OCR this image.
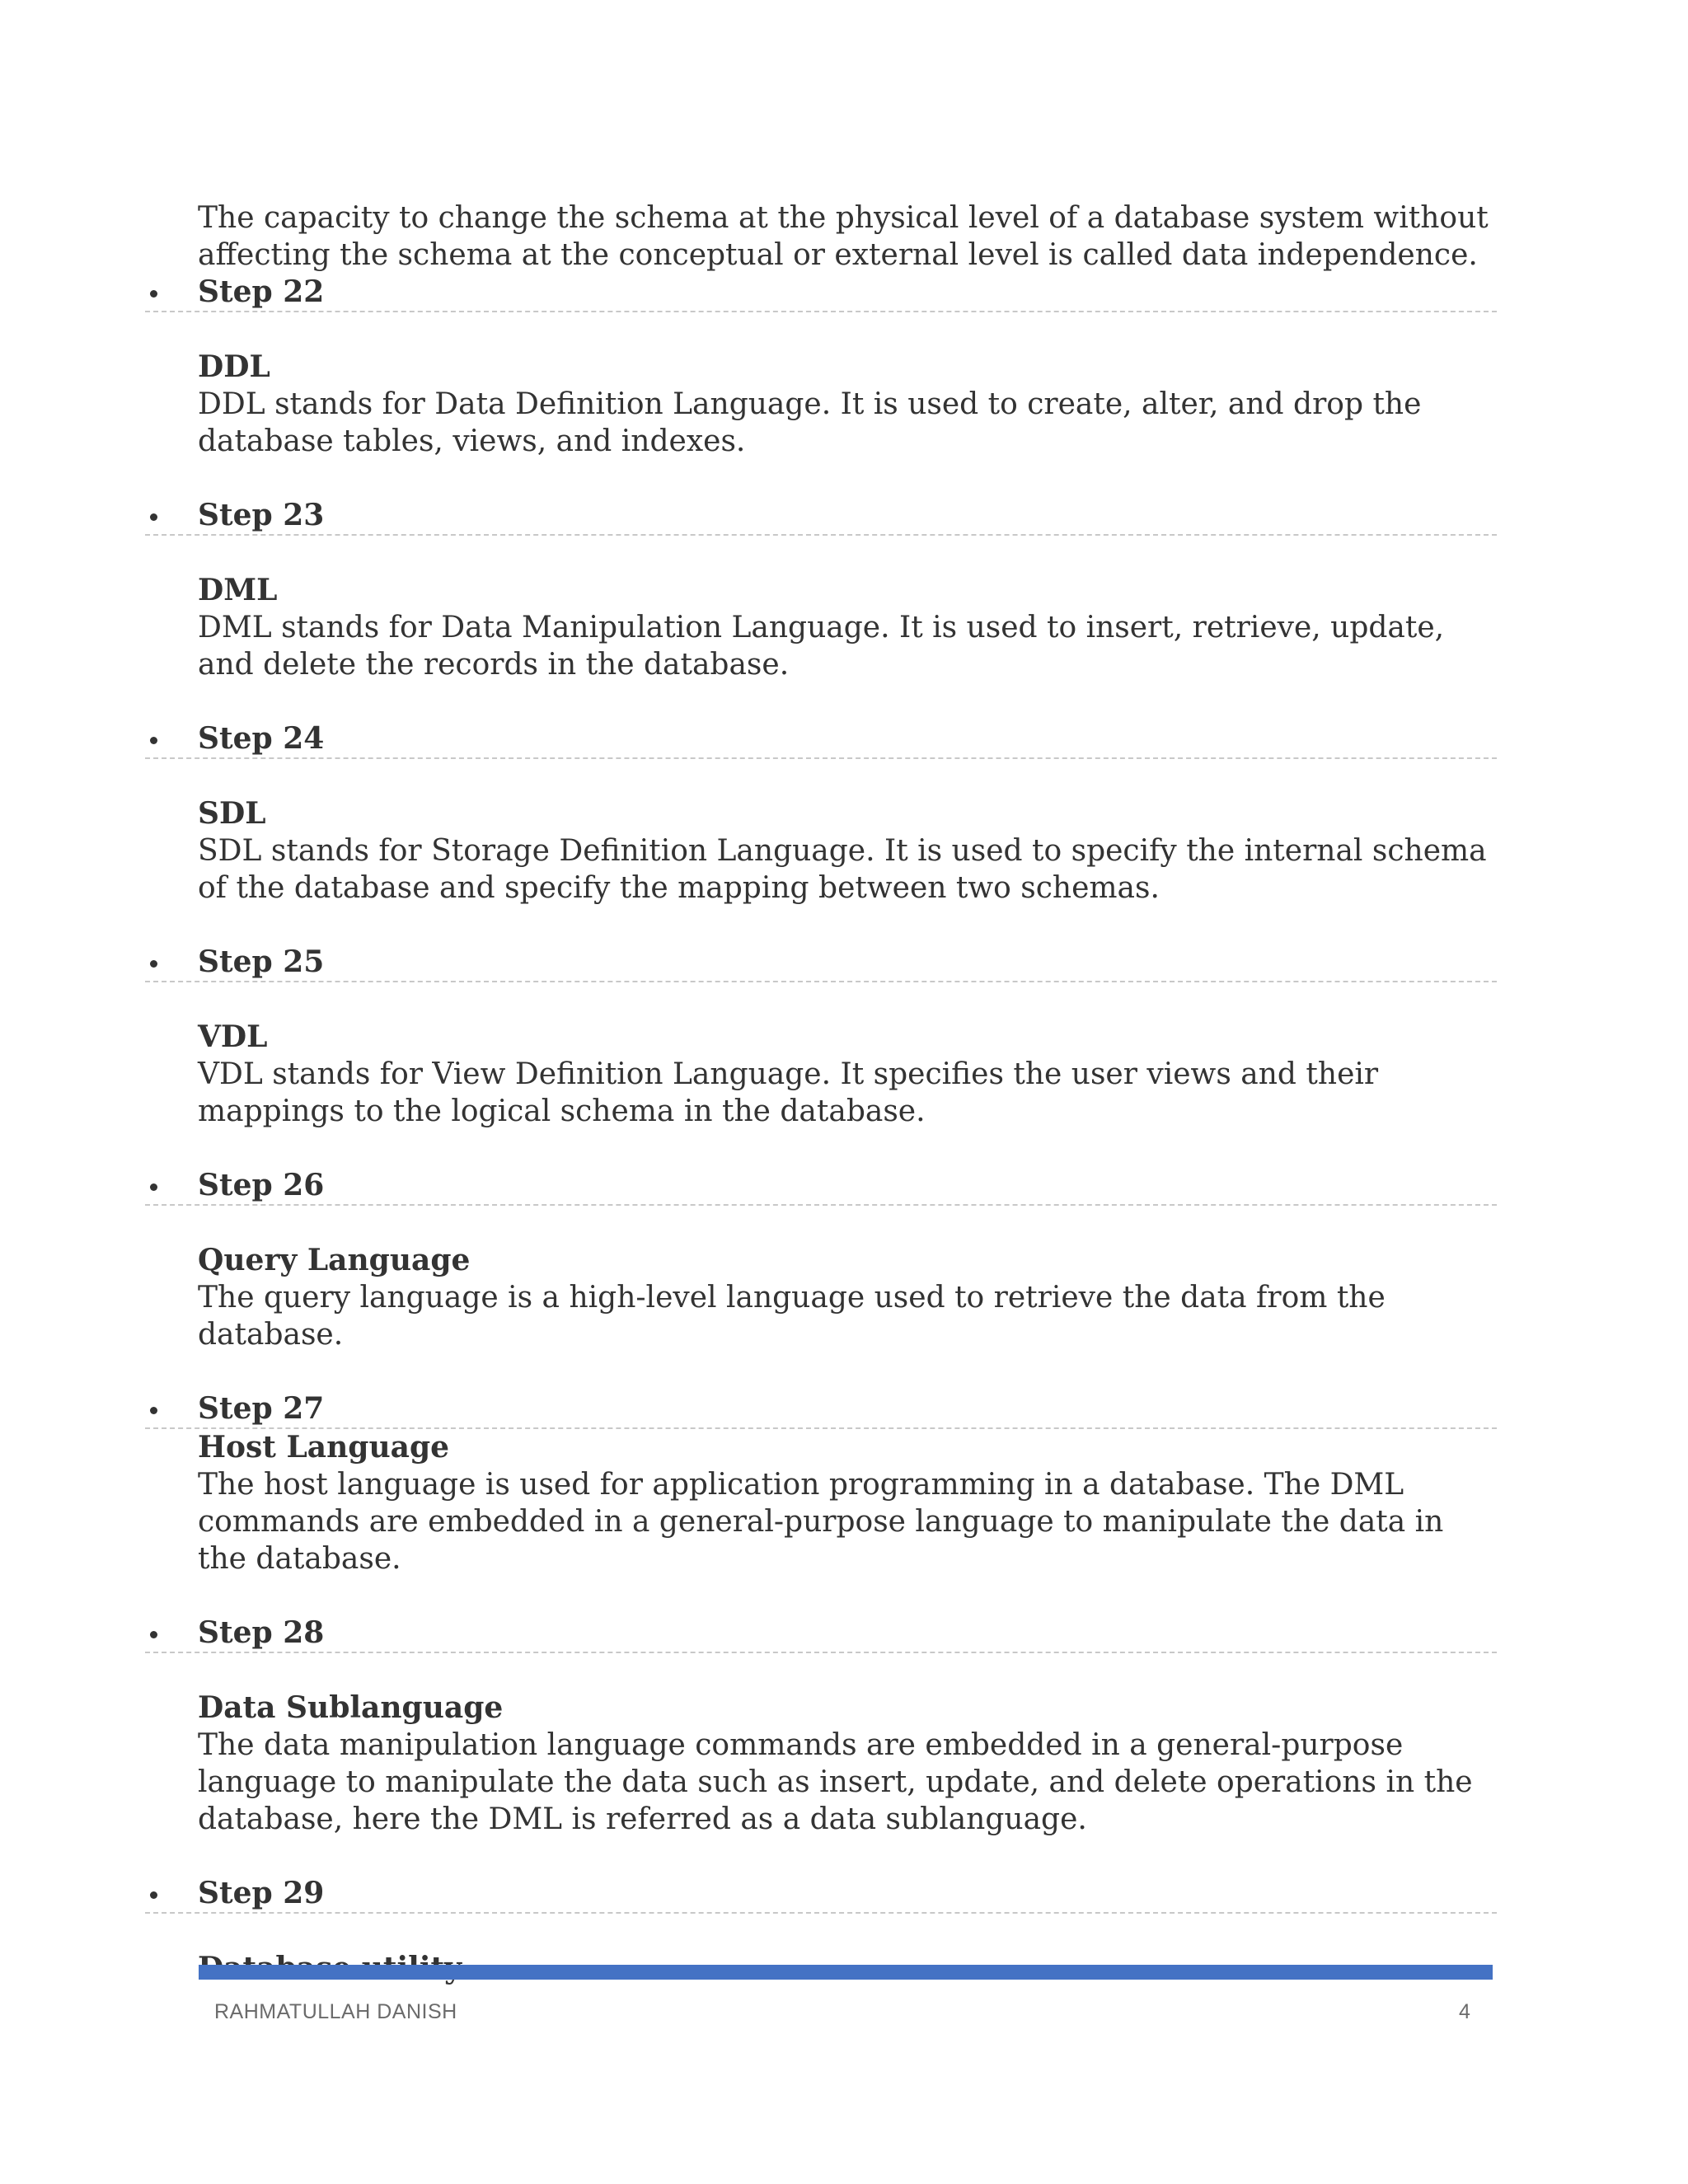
The capacity to change the schema at the physical level of a database system without affecting the schema at the conceptual or external level is called data independence.

Step 22

DDL

DDL stands for Data Definition Language. It is used to create, alter, and drop the database tables, views, and indexes.

Step 23

DML

DML stands for Data Manipulation Language. It is used to insert, retrieve, update, and delete the records in the database.

Step 24

SDL

SDL stands for Storage Definition Language. It is used to specify the internal schema of the database and specify the mapping between two schemas.

Step 25

VDL

VDL stands for View Definition Language. It specifies the user views and their mappings to the logical schema in the database.

Step 26

Query Language

The query language is a high-level language used to retrieve the data from the database.

Step 27

Host Language

The host language is used for application programming in a database. The DML commands are embedded in a general-purpose language to manipulate the data in the database.

Step 28

Data Sublanguage

The data manipulation language commands are embedded in a general-purpose language to manipulate the data such as insert, update, and delete operations in the database, here the DML is referred as a data sublanguage.

Step 29

RAHMATULLAH DANISH	4
